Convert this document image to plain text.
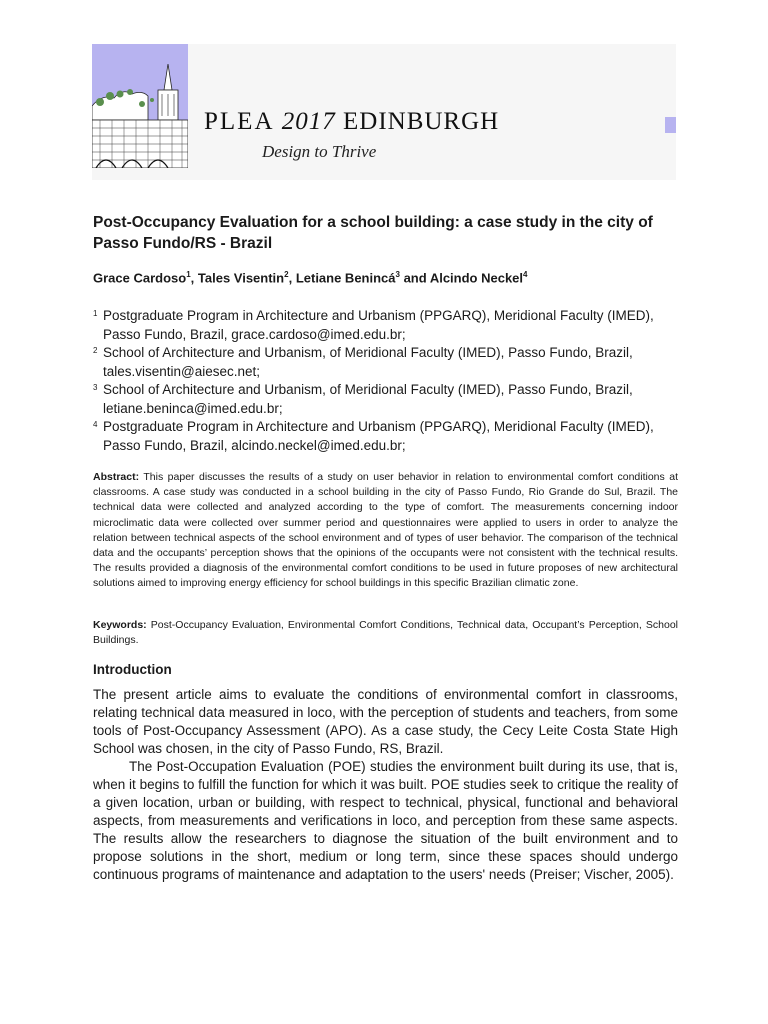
PLEA 2017 EDINBURGH
Design to Thrive
Post-Occupancy Evaluation for a school building: a case study in the city of Passo Fundo/RS - Brazil

Grace Cardoso$^1$, Tales Visentin$^2$, Letiane Benincá$^3$ and Alcindo Neckel$^4$

1 Postgraduate Program in Architecture and Urbanism (PPGARQ), Meridional Faculty (IMED), Passo Fundo, Brazil, grace.cardoso@imed.edu.br;

2 School of Architecture and Urbanism, of Meridional Faculty (IMED), Passo Fundo, Brazil, tales.visentin@aiesec.net;

3 School of Architecture and Urbanism, of Meridional Faculty (IMED), Passo Fundo, Brazil, letiane.beninca@imed.edu.br;

4 Postgraduate Program in Architecture and Urbanism (PPGARQ), Meridional Faculty (IMED), Passo Fundo, Brazil, alcindo.neckel@imed.edu.br;

Abstract: This paper discusses the results of a study on user behavior in relation to environmental comfort conditions at classrooms. A case study was conducted in a school building in the city of Passo Fundo, Rio Grande do Sul, Brazil. The technical data were collected and analyzed according to the type of comfort. The measurements concerning indoor microclimatic data were collected over summer period and questionnaires were applied to users in order to analyze the relation between technical aspects of the school environment and of types of user behavior. The comparison of the technical data and the occupants’ perception shows that the opinions of the occupants were not consistent with the technical results. The results provided a diagnosis of the environmental comfort conditions to be used in future proposes of new architectural solutions aimed to improving energy efficiency for school buildings in this specific Brazilian climatic zone.

Keywords: Post-Occupancy Evaluation, Environmental Comfort Conditions, Technical data, Occupant’s Perception, School Buildings.

Introduction

The present article aims to evaluate the conditions of environmental comfort in classrooms, relating technical data measured in loco, with the perception of students and teachers, from some tools of Post-Occupancy Assessment (APO). As a case study, the Cecy Leite Costa State High School was chosen, in the city of Passo Fundo, RS, Brazil.

The Post-Occupation Evaluation (POE) studies the environment built during its use, that is, when it begins to fulfill the function for which it was built. POE studies seek to critique the reality of a given location, urban or building, with respect to technical, physical, functional and behavioral aspects, from measurements and verifications in loco, and perception from these same aspects. The results allow the researchers to diagnose the situation of the built environment and to propose solutions in the short, medium or long term, since these spaces should undergo continuous programs of maintenance and adaptation to the users' needs (Preiser; Vischer, 2005).
